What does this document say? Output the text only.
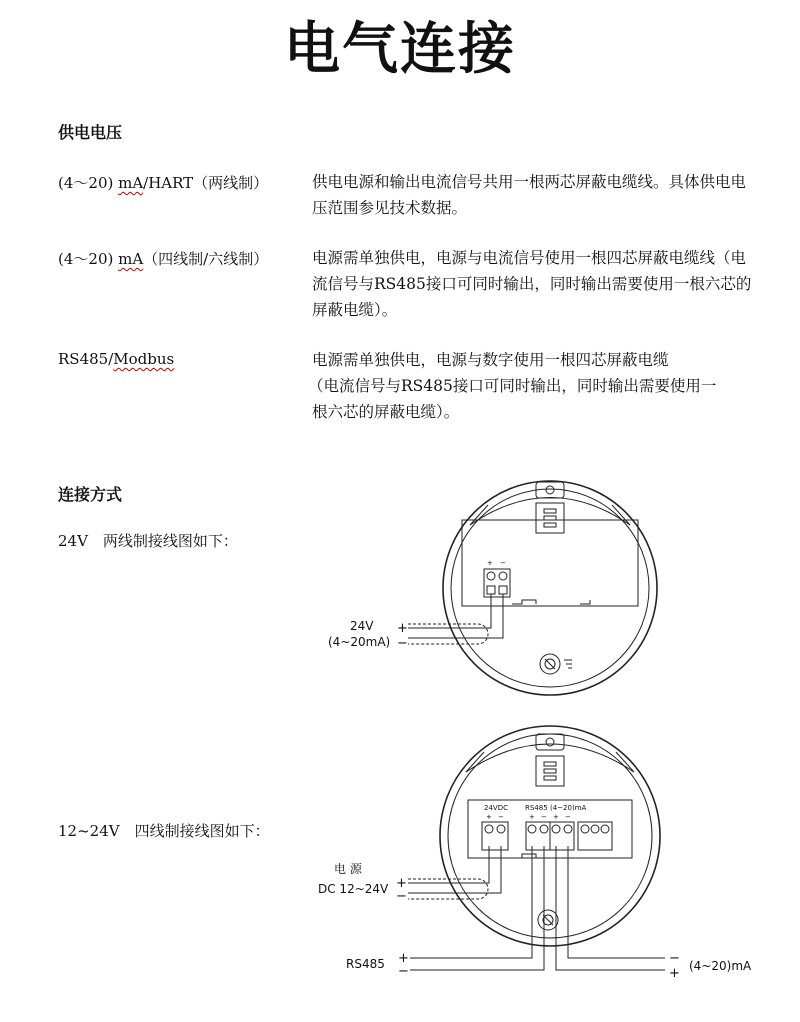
电气连接
供电电压
(4～20) mA/HART（两线制）	供电电源和输出电流信号共用一根两芯屏蔽电缆线。具体供电电压范围参见技术数据。
(4～20) mA（四线制/六线制）	电源需单独供电，电源与电流信号使用一根四芯屏蔽电缆线（电流信号与RS485接口可同时输出，同时输出需要使用一根六芯的屏蔽电缆）。
RS485/Modbus	电源需单独供电，电源与数字使用一根四芯屏蔽电缆
（电流信号与RS485接口可同时输出，同时输出需要使用一
根六芯的屏蔽电缆）。
连接方式
24V　两线制接线图如下：
12~24V　四线制接线图如下：
+ −
24V
(4~20mA)
+
−
24VDC RS485 (4~20)mA
+ −	+ − + −
电 源
DC 12~24V +
−
RS485 +
−
−
+ (4~20)mA
